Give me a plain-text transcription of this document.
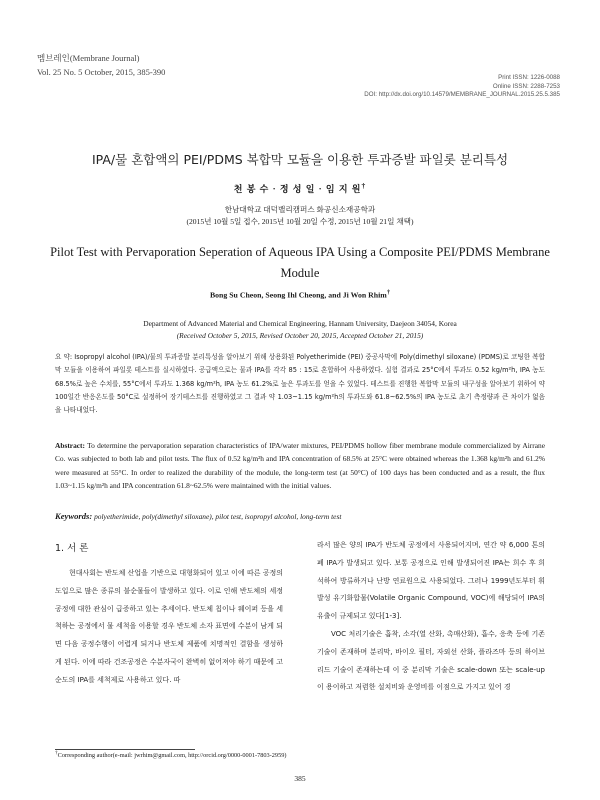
멤브레인(Membrane Journal)
Vol. 25 No. 5 October, 2015, 385-390
Print ISSN: 1226-0088
Online ISSN: 2288-7253
DOI: http://dx.doi.org/10.14579/MEMBRANE_JOURNAL.2015.25.5.385
IPA/물 혼합액의 PEI/PDMS 복합막 모듈을 이용한 투과증발 파일롯 분리특성
천 봉 수 · 정 성 일 · 임 지 원†
한남대학교 대덕밸리캠퍼스 화공신소재공학과
(2015년 10월 5일 접수, 2015년 10월 20일 수정, 2015년 10월 21일 채택)
Pilot Test with Pervaporation Seperation of Aqueous IPA Using a Composite PEI/PDMS Membrane Module
Bong Su Cheon, Seong Ihl Cheong, and Ji Won Rhim†
Department of Advanced Material and Chemical Engineering, Hannam University, Daejeon 34054, Korea
(Received October 5, 2015, Revised October 20, 2015, Accepted October 21, 2015)
요 약: Isopropyl alcohol (IPA)/물의 투과증발 분리특성을 알아보기 위해 상용화된 Polyetherimide (PEI) 중공사막에 Poly(dimethyl siloxane) (PDMS)로 코팅한 복합막 모듈을 이용하여 파일롯 테스트를 실시하였다. 공급액으로는 물과 IPA를 각각 85 : 15로 혼합하여 사용하였다. 실험 결과로 25°C에서 투과도 0.52 kg/m²h, IPA 농도 68.5%로 높은 수치를, 55°C에서 투과도 1.368 kg/m²h, IPA 농도 61.2%로 높은 투과도를 얻을 수 있었다. 테스트를 진행한 복합막 모듈의 내구성을 알아보기 위하여 약 100일간 반응온도를 50°C로 설정하여 장기테스트를 진행하였고 그 결과 약 1.03~1.15 kg/m²h의 투과도와 61.8~62.5%의 IPA 농도로 초기 측정량과 큰 차이가 없음을 나타내었다.
Abstract: To determine the pervaporation separation characteristics of IPA/water mixtures, PEI/PDMS hollow fiber membrane module commercialized by Airrane Co. was subjected to both lab and pilot tests. The flux of 0.52 kg/m²h and IPA concentration of 68.5% at 25°C were obtained whereas the 1.368 kg/m²h and 61.2% were measured at 55°C. In order to realized the durability of the module, the long-term test (at 50°C) of 100 days has been conducted and as a result, the flux 1.03~1.15 kg/m²h and IPA concentration 61.8~62.5% were maintained with the initial values.
Keywords: polyetherimide, poly(dimethyl siloxane), pilot test, isopropyl alcohol, long-term test
1. 서 론
현대사회는 반도체 산업을 기반으로 대형화되어 있고 이에 따른 공정의 도입으로 많은 종류의 불순물들이 발생하고 있다. 이로 인해 반도체의 세정공정에 대한 관심이 급증하고 있는 추세이다. 반도체 칩이나 웨이퍼 등을 세척하는 공정에서 물 세척을 이용할 경우 반도체 소자 표면에 수분이 남게 되면 다음 공정수행이 어렵게 되거나 반도체 제품에 치명적인 결함을 생성하게 된다. 이에 따라 건조공정은 수분자국이 완벽히 없어져야 하기 때문에 고순도의 IPA를 세척제로 사용하고 있다. 따

라서 많은 양의 IPA가 반도체 공정에서 사용되어지며, 연간 약 6,000 톤의 폐 IPA가 발생되고 있다. 보통 공정으로 인해 발생되어진 IPA는 희수 후 희석하여 방류하거나 난방 연료원으로 사용되었다. 그러나 1999년도부터 휘발성 유기화합물(Volatile Organic Compound, VOC)에 해당되어 IPA의 유출이 규제되고 있다[1-3].

VOC 처리기술은 흡착, 소각(열 산화, 촉매산화), 흡수, 응축 등에 기존 기술이 존재하며 분리막, 바이오 필터, 자외선 산화, 플라즈마 등의 하이브리드 기술이 존재하는데 이 중 분리막 기술은 scale-down 또는 scale-up이 용이하고 저렴한 설치비와 운영비를 이점으로 가지고 있어 경

†Corresponding author(e-mail: jwrhim@gmail.com, http://orcid.org/0000-0001-7803-2959)
385
